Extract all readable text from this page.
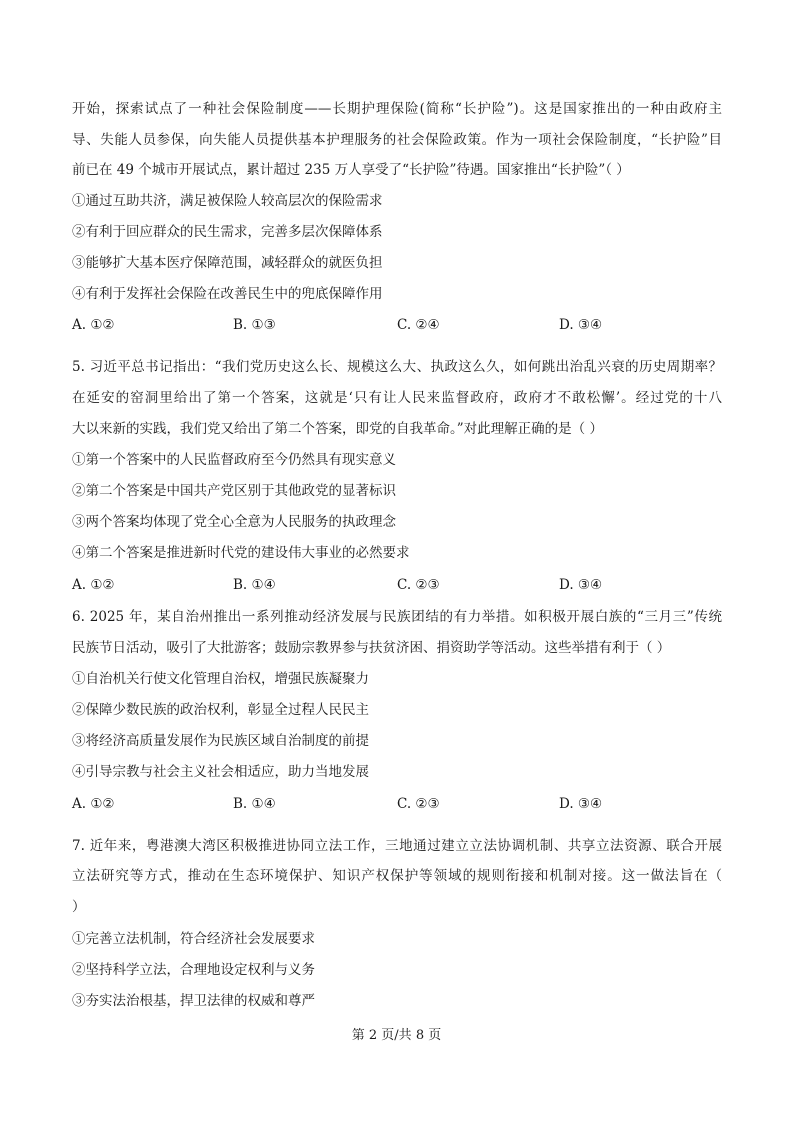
开始，探索试点了一种社会保险制度——长期护理保险(简称“长护险”)。这是国家推出的一种由政府主
导、失能人员参保，向失能人员提供基本护理服务的社会保险政策。作为一项社会保险制度，“长护险”目
前已在 49 个城市开展试点，累计超过 235 万人享受了“长护险”待遇。国家推出“长护险”（ ）
①通过互助共济，满足被保险人较高层次的保险需求
②有利于回应群众的民生需求，完善多层次保障体系
③能够扩大基本医疗保障范围，减轻群众的就医负担
④有利于发挥社会保险在改善民生中的兜底保障作用
A. ①②	B. ①③	C. ②④	D. ③④
5. 习近平总书记指出：“我们党历史这么长、规模这么大、执政这么久，如何跳出治乱兴衰的历史周期率？
在延安的窑洞里给出了第一个答案，这就是‘只有让人民来监督政府，政府才不敢松懈’。经过党的十八
大以来新的实践，我们党又给出了第二个答案，即党的自我革命。”对此理解正确的是（ ）
①第一个答案中的人民监督政府至今仍然具有现实意义
②第二个答案是中国共产党区别于其他政党的显著标识
③两个答案均体现了党全心全意为人民服务的执政理念
④第二个答案是推进新时代党的建设伟大事业的必然要求
A. ①②	B. ①④	C. ②③	D. ③④
6. 2025 年，某自治州推出一系列推动经济发展与民族团结的有力举措。如积极开展白族的“三月三”传统
民族节日活动，吸引了大批游客；鼓励宗教界参与扶贫济困、捐资助学等活动。这些举措有利于（ ）
①自治机关行使文化管理自治权，增强民族凝聚力
②保障少数民族的政治权利，彰显全过程人民民主
③将经济高质量发展作为民族区域自治制度的前提
④引导宗教与社会主义社会相适应，助力当地发展
A. ①②	B. ①④	C. ②③	D. ③④
7. 近年来，粤港澳大湾区积极推进协同立法工作，三地通过建立立法协调机制、共享立法资源、联合开展
立法研究等方式，推动在生态环境保护、知识产权保护等领域的规则衔接和机制对接。这一做法旨在（
）
①完善立法机制，符合经济社会发展要求
②坚持科学立法，合理地设定权利与义务
③夯实法治根基，捍卫法律的权威和尊严
第 2 页/共 8 页
